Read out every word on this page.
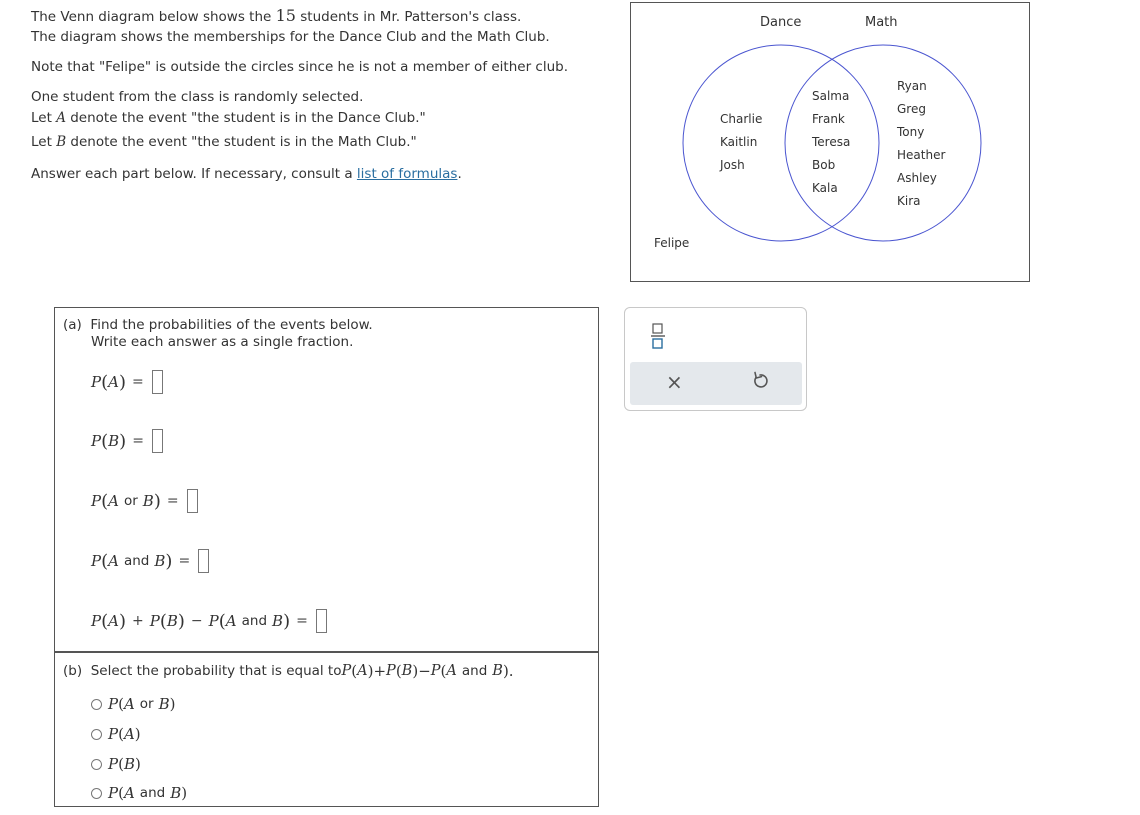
The Venn diagram below shows the 15 students in Mr. Patterson's class.

The diagram shows the memberships for the Dance Club and the Math Club.

Note that "Felipe" is outside the circles since he is not a member of either club.

One student from the class is randomly selected.

Let A denote the event "the student is in the Dance Club."

Let B denote the event "the student is in the Math Club."

Answer each part below. If necessary, consult a list of formulas.

Dance	Math
Charlie
Kaitlin
Josh
Salma
Frank
Teresa
Bob
Kala
Ryan
Greg
Tony
Heather
Ashley
Kira
Felipe
(a) Find the probabilities of the events below.
Write each answer as a single fraction.
P ( A ) =
P ( B ) =
P ( A or B ) =
P ( A and B ) =
P ( A ) + P ( B ) − P ( A and B ) =
(b)
Select the probability that is equal to P ( A ) + P ( B ) − P ( A and B ).
P ( A or B )
P ( A )
P ( B )
P ( A and B )
×
